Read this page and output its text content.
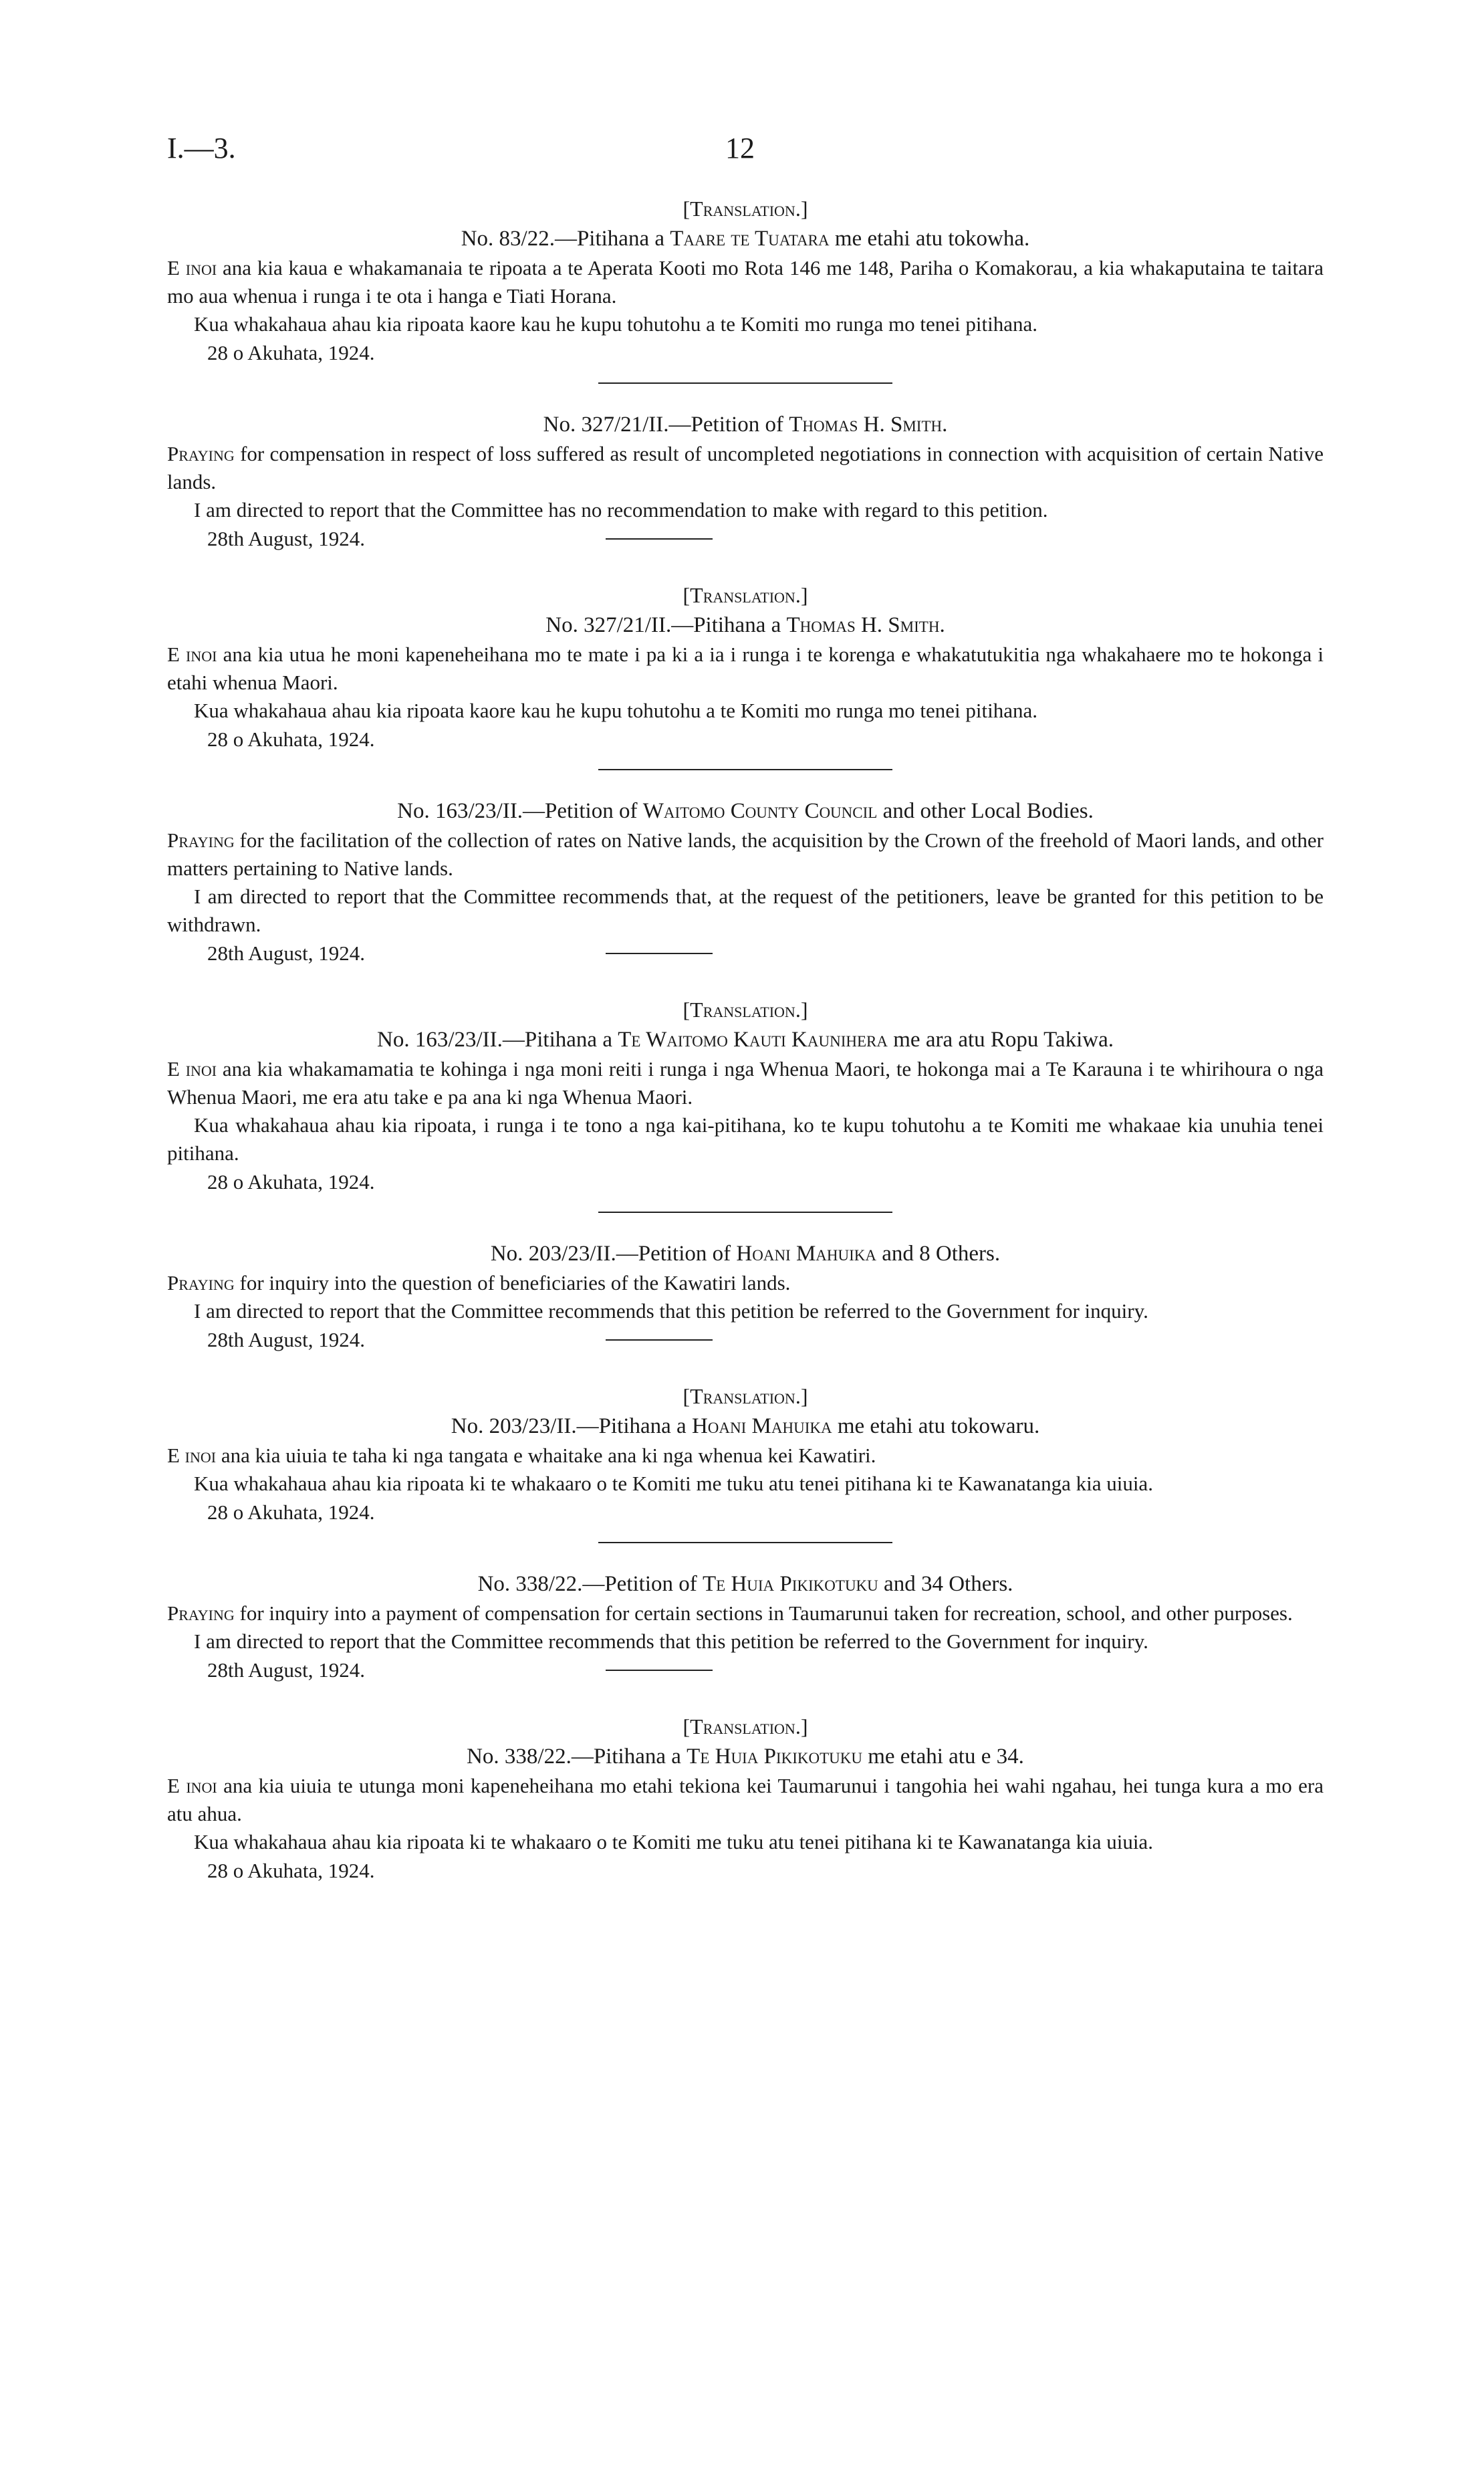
I.—3.	12

[Translation.]

No. 83/22.—Pitihana a Taare te Tuatara me etahi atu tokowha.

E inoi ana kia kaua e whakamanaia te ripoata a te Aperata Kooti mo Rota 146 me 148, Pariha o Komakorau, a kia whakaputaina te taitara mo aua whenua i runga i te ota i hanga e Tiati Horana.

Kua whakahaua ahau kia ripoata kaore kau he kupu tohutohu a te Komiti mo runga mo tenei pitihana.

28 o Akuhata, 1924.

No. 327/21/II.—Petition of Thomas H. Smith.

Praying for compensation in respect of loss suffered as result of uncompleted negotiations in connection with acquisition of certain Native lands.

I am directed to report that the Committee has no recommendation to make with regard to this petition.

28th August, 1924.

[Translation.]

No. 327/21/II.—Pitihana a Thomas H. Smith.

E inoi ana kia utua he moni kapeneheihana mo te mate i pa ki a ia i runga i te korenga e whakatutukitia nga whakahaere mo te hokonga i etahi whenua Maori.

Kua whakahaua ahau kia ripoata kaore kau he kupu tohutohu a te Komiti mo runga mo tenei pitihana.

28 o Akuhata, 1924.

No. 163/23/II.—Petition of Waitomo County Council and other Local Bodies.

Praying for the facilitation of the collection of rates on Native lands, the acquisition by the Crown of the freehold of Maori lands, and other matters pertaining to Native lands.

I am directed to report that the Committee recommends that, at the request of the petitioners, leave be granted for this petition to be withdrawn.

28th August, 1924.

[Translation.]

No. 163/23/II.—Pitihana a Te Waitomo Kauti Kaunihera me ara atu Ropu Takiwa.

E inoi ana kia whakamamatia te kohinga i nga moni reiti i runga i nga Whenua Maori, te hokonga mai a Te Karauna i te whirihoura o nga Whenua Maori, me era atu take e pa ana ki nga Whenua Maori.

Kua whakahaua ahau kia ripoata, i runga i te tono a nga kai-pitihana, ko te kupu tohutohu a te Komiti me whakaae kia unuhia tenei pitihana.

28 o Akuhata, 1924.

No. 203/23/II.—Petition of Hoani Mahuika and 8 Others.

Praying for inquiry into the question of beneficiaries of the Kawatiri lands.

I am directed to report that the Committee recommends that this petition be referred to the Government for inquiry.

28th August, 1924.

[Translation.]

No. 203/23/II.—Pitihana a Hoani Mahuika me etahi atu tokowaru.

E inoi ana kia uiuia te taha ki nga tangata e whaitake ana ki nga whenua kei Kawatiri.

Kua whakahaua ahau kia ripoata ki te whakaaro o te Komiti me tuku atu tenei pitihana ki te Kawanatanga kia uiuia.

28 o Akuhata, 1924.

No. 338/22.—Petition of Te Huia Pikikotuku and 34 Others.

Praying for inquiry into a payment of compensation for certain sections in Taumarunui taken for recreation, school, and other purposes.

I am directed to report that the Committee recommends that this petition be referred to the Government for inquiry.

28th August, 1924.

[Translation.]

No. 338/22.—Pitihana a Te Huia Pikikotuku me etahi atu e 34.

E inoi ana kia uiuia te utunga moni kapeneheihana mo etahi tekiona kei Taumarunui i tangohia hei wahi ngahau, hei tunga kura a mo era atu ahua.

Kua whakahaua ahau kia ripoata ki te whakaaro o te Komiti me tuku atu tenei pitihana ki te Kawanatanga kia uiuia.

28 o Akuhata, 1924.
